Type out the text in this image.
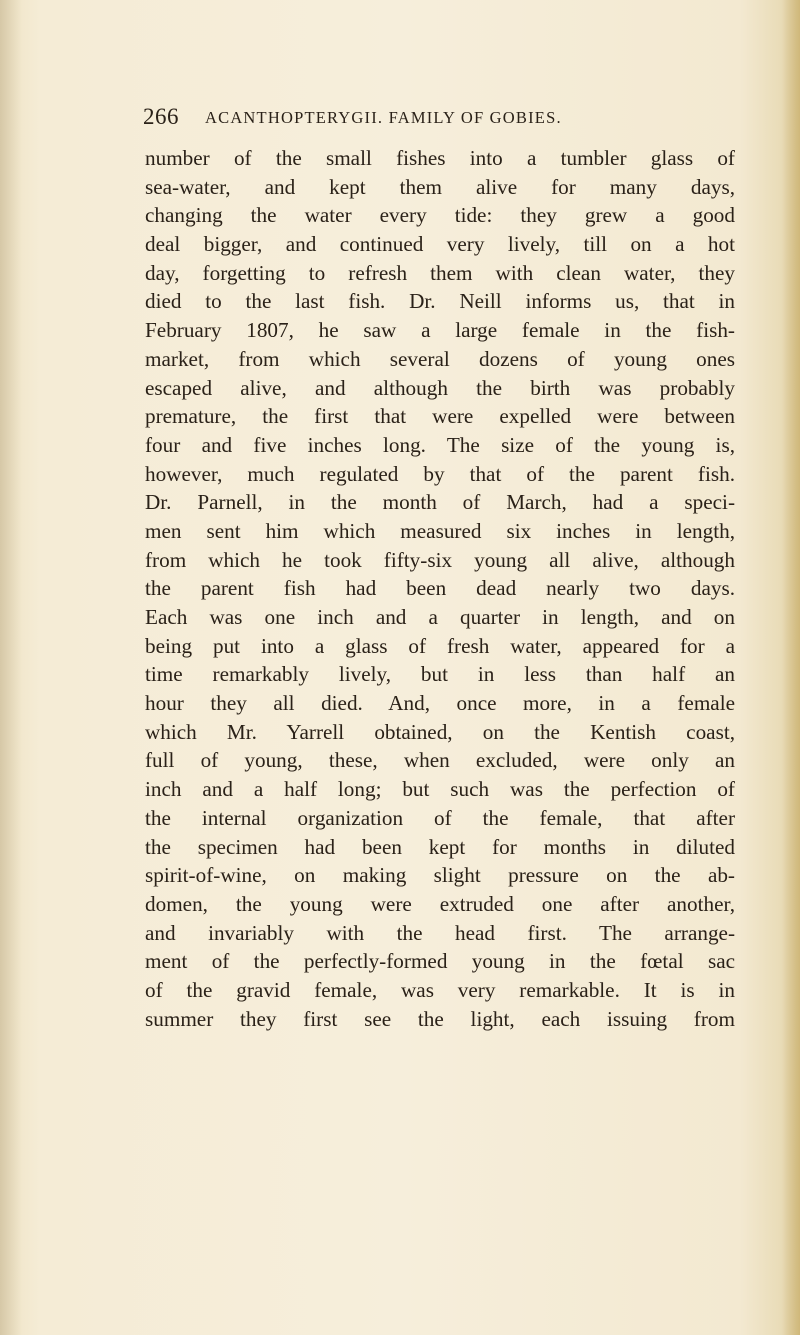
266 ACANTHOPTERYGII. FAMILY OF GOBIES.
number of the small fishes into a tumbler glass of
sea-water, and kept them alive for many days,
changing the water every tide: they grew a good
deal bigger, and continued very lively, till on a hot
day, forgetting to refresh them with clean water, they
died to the last fish. Dr. Neill informs us, that in
February 1807, he saw a large female in the fish-
market, from which several dozens of young ones
escaped alive, and although the birth was probably
premature, the first that were expelled were between
four and five inches long. The size of the young is,
however, much regulated by that of the parent fish.
Dr. Parnell, in the month of March, had a speci-
men sent him which measured six inches in length,
from which he took fifty-six young all alive, although
the parent fish had been dead nearly two days.
Each was one inch and a quarter in length, and on
being put into a glass of fresh water, appeared for a
time remarkably lively, but in less than half an
hour they all died. And, once more, in a female
which Mr. Yarrell obtained, on the Kentish coast,
full of young, these, when excluded, were only an
inch and a half long; but such was the perfection of
the internal organization of the female, that after
the specimen had been kept for months in diluted
spirit-of-wine, on making slight pressure on the ab-
domen, the young were extruded one after another,
and invariably with the head first. The arrange-
ment of the perfectly-formed young in the fœtal sac
of the gravid female, was very remarkable. It is in
summer they first see the light, each issuing from
